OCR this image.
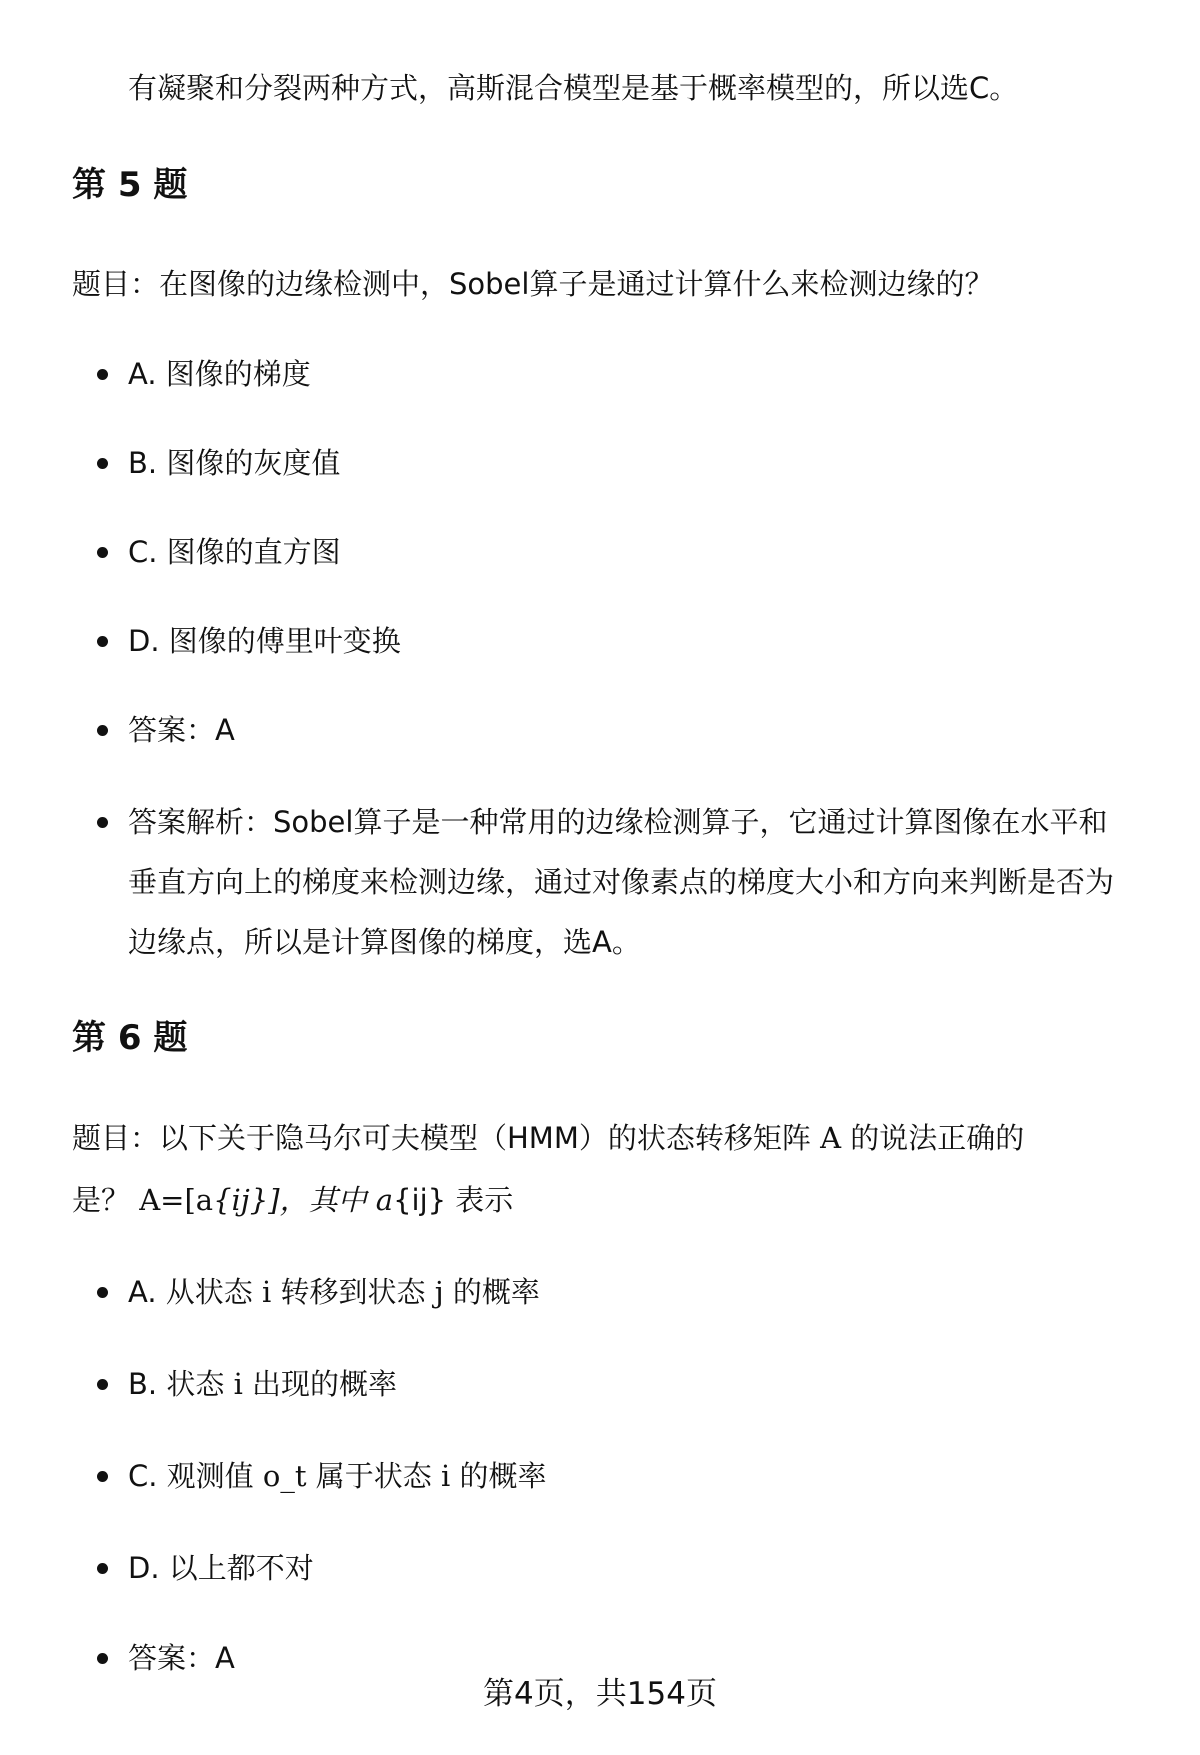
有凝聚和分裂两种方式，高斯混合模型是基于概率模型的，所以选C。
第 5 题
题目：在图像的边缘检测中，Sobel算子是通过计算什么来检测边缘的？
A. 图像的梯度
B. 图像的灰度值
C. 图像的直方图
D. 图像的傅里叶变换
答案：A
答案解析：Sobel算子是一种常用的边缘检测算子，它通过计算图像在水平和
垂直方向上的梯度来检测边缘，通过对像素点的梯度大小和方向来判断是否为
边缘点，所以是计算图像的梯度，选A。
第 6 题
题目：以下关于隐马尔可夫模型（HMM）的状态转移矩阵 A 的说法正确的
是？ A=[a{ij}]，其中 a{ij} 表示
A. 从状态 i 转移到状态 j 的概率
B. 状态 i 出现的概率
C. 观测值 o_t 属于状态 i 的概率
D. 以上都不对
答案：A
第4页，共154页
